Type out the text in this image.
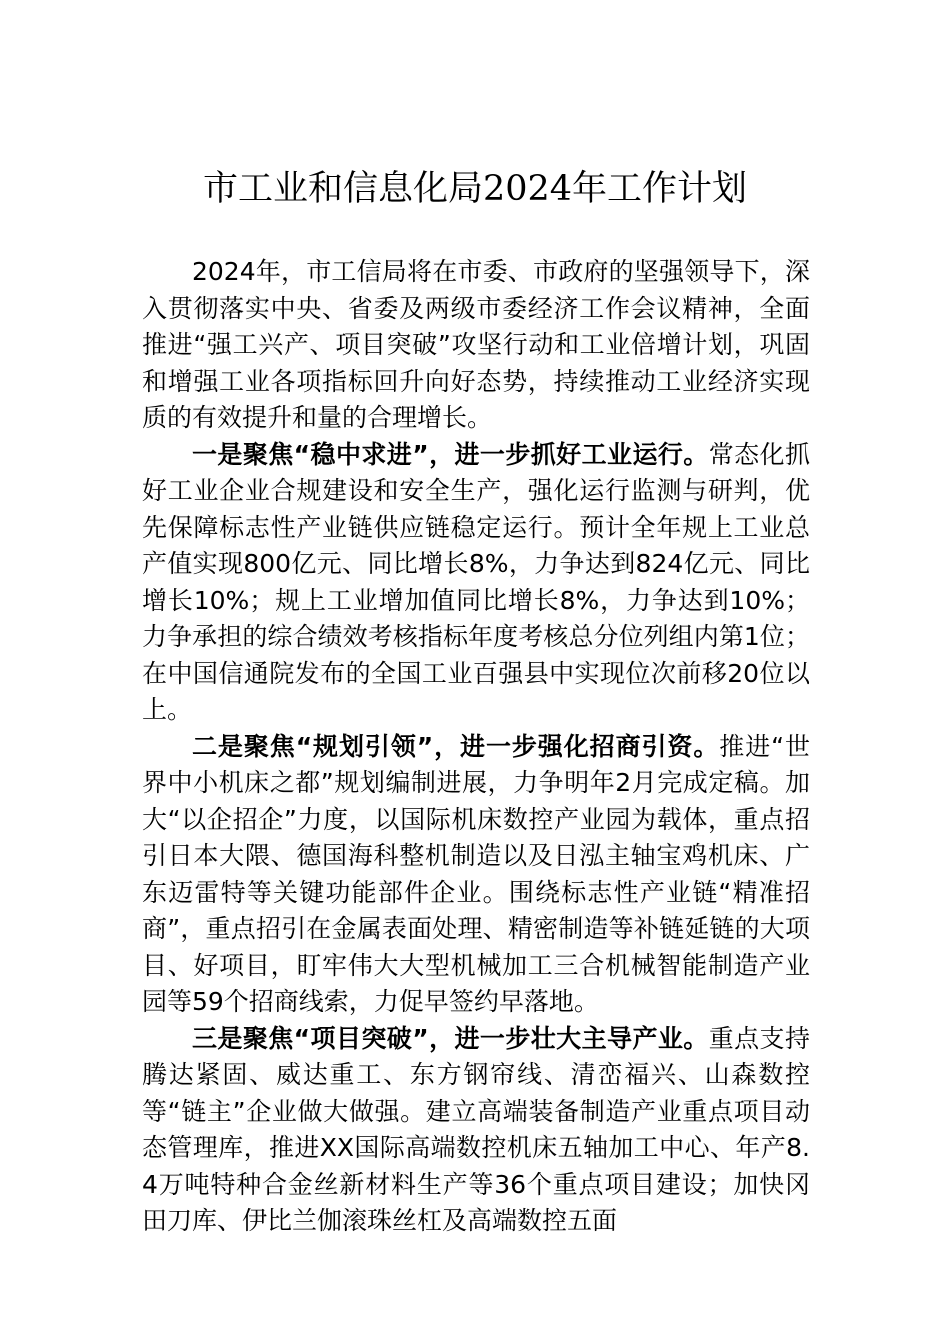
市工业和信息化局2024年工作计划

2024年，市工信局将在市委、市政府的坚强领导下，深入贯彻落实中央、省委及两级市委经济工作会议精神，全面推进“强工兴产、项目突破”攻坚行动和工业倍增计划，巩固和增强工业各项指标回升向好态势，持续推动工业经济实现质的有效提升和量的合理增长。

一是聚焦“稳中求进”，进一步抓好工业运行。常态化抓好工业企业合规建设和安全生产，强化运行监测与研判，优先保障标志性产业链供应链稳定运行。预计全年规上工业总产值实现800亿元、同比增长8%，力争达到824亿元、同比增长10%；规上工业增加值同比增长8%，力争达到10%；力争承担的综合绩效考核指标年度考核总分位列组内第1位；在中国信通院发布的全国工业百强县中实现位次前移20位以上。

二是聚焦“规划引领”，进一步强化招商引资。推进“世界中小机床之都”规划编制进展，力争明年2月完成定稿。加大“以企招企”力度，以国际机床数控产业园为载体，重点招引日本大隈、德国海科整机制造以及日泓主轴宝鸡机床、广东迈雷特等关键功能部件企业。围绕标志性产业链“精准招商”，重点招引在金属表面处理、精密制造等补链延链的大项目、好项目，盯牢伟大大型机械加工三合机械智能制造产业园等59个招商线索，力促早签约早落地。

三是聚焦“项目突破”，进一步壮大主导产业。重点支持腾达紧固、威达重工、东方钢帘线、清峦福兴、山森数控等“链主”企业做大做强。建立高端装备制造产业重点项目动态管理库，推进XX国际高端数控机床五轴加工中心、年产8.4万吨特种合金丝新材料生产等36个重点项目建设；加快冈田刀库、伊比兰伽滚珠丝杠及高端数控五面
